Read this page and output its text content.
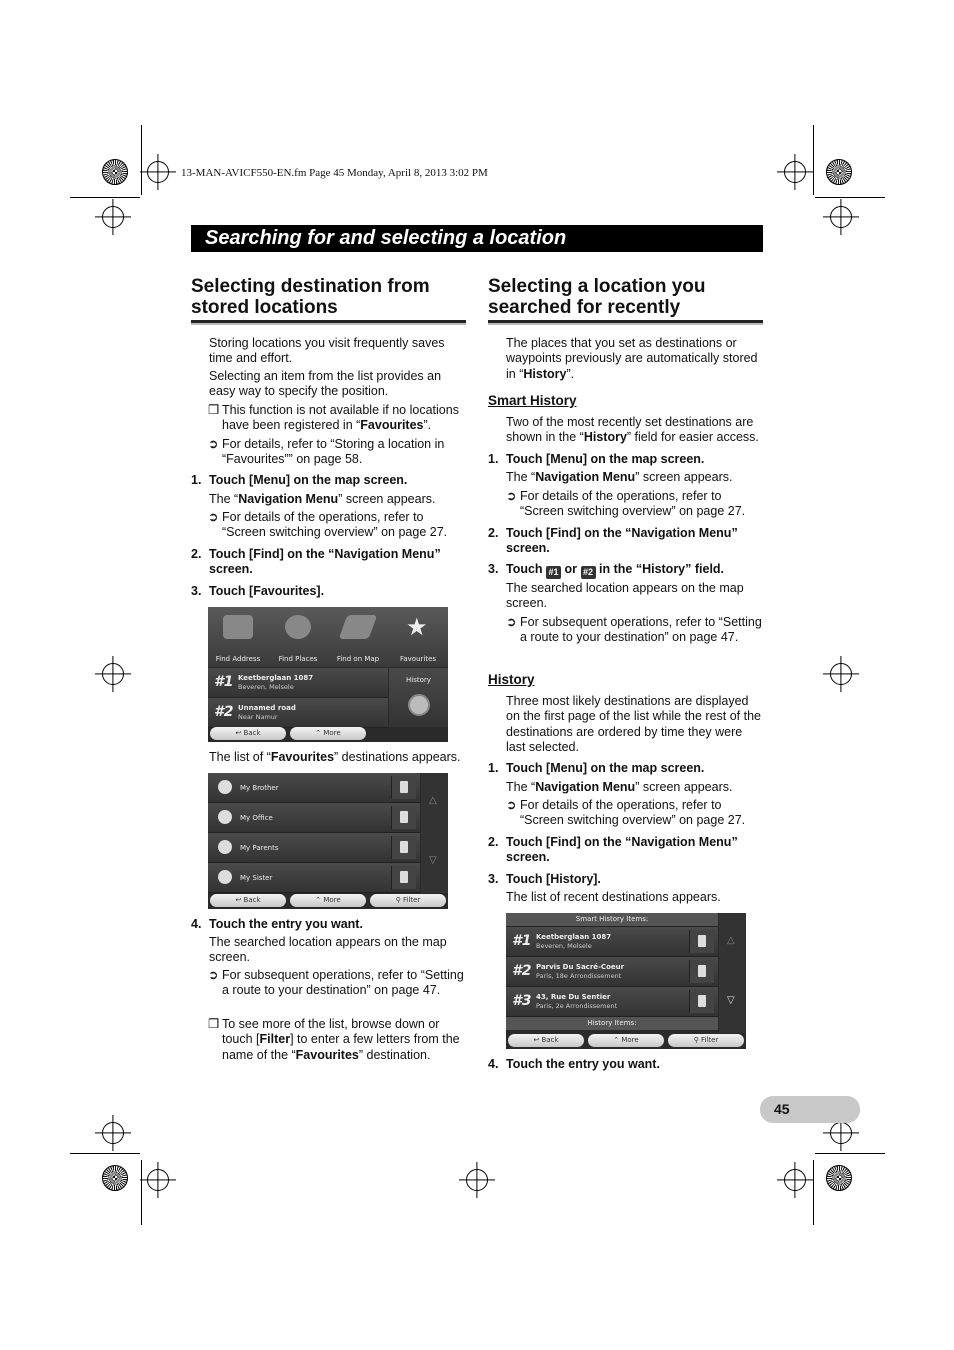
13-MAN-AVICF550-EN.fm Page 45 Monday, April 8, 2013 3:02 PM
Searching for and selecting a location
Selecting destination from
stored locations
Storing locations you visit frequently saves time and effort.
Selecting an item from the list provides an easy way to specify the position.
❒ This function is not available if no locations have been registered in “Favourites”.
➲ For details, refer to “Storing a location in “Favourites”” on page 58.
1. Touch [Menu] on the map screen.
The “Navigation Menu” screen appears.
➲ For details of the operations, refer to “Screen switching overview” on page 27.
2. Touch [Find] on the “Navigation Menu” screen.
3. Touch [Favourites].
Find Address	Find Places	Find on Map
★
Favourites
#1 Keetberglaan 1087
Beveren, Melsele
#2 Unnamed road
Near Namur
History
↩ Back	⌃ More
The list of “Favourites” destinations appears.
My Brother
My Office
My Parents
My Sister
△
▽
↩ Back	⌃ More	⚲ Filter
4. Touch the entry you want.
The searched location appears on the map screen.
➲ For subsequent operations, refer to “Setting a route to your destination” on page 47.
❒ To see more of the list, browse down or touch [Filter] to enter a few letters from the name of the “Favourites” destination.
Selecting a location you
searched for recently
The places that you set as destinations or waypoints previously are automatically stored in “History”.
Smart History
Two of the most recently set destinations are shown in the “History” field for easier access.
1. Touch [Menu] on the map screen.
The “Navigation Menu” screen appears.
➲ For details of the operations, refer to “Screen switching overview” on page 27.
2. Touch [Find] on the “Navigation Menu” screen.
3. Touch #1 or #2 in the “History” field.
The searched location appears on the map screen.
➲ For subsequent operations, refer to “Setting a route to your destination” on page 47.
History
Three most likely destinations are displayed on the first page of the list while the rest of the destinations are ordered by time they were last selected.
1. Touch [Menu] on the map screen.
The “Navigation Menu” screen appears.
➲ For details of the operations, refer to “Screen switching overview” on page 27.
2. Touch [Find] on the “Navigation Menu” screen.
3. Touch [History].
The list of recent destinations appears.
Smart History Items:
#1 Keetberglaan 1087
Beveren, Melsele
#2 Parvis Du Sacré-Coeur
Paris, 18e Arrondissement
#3 43, Rue Du Sentier
Paris, 2e Arrondissement
History Items:
△
▽
↩ Back	⌃ More	⚲ Filter
4. Touch the entry you want.
45
